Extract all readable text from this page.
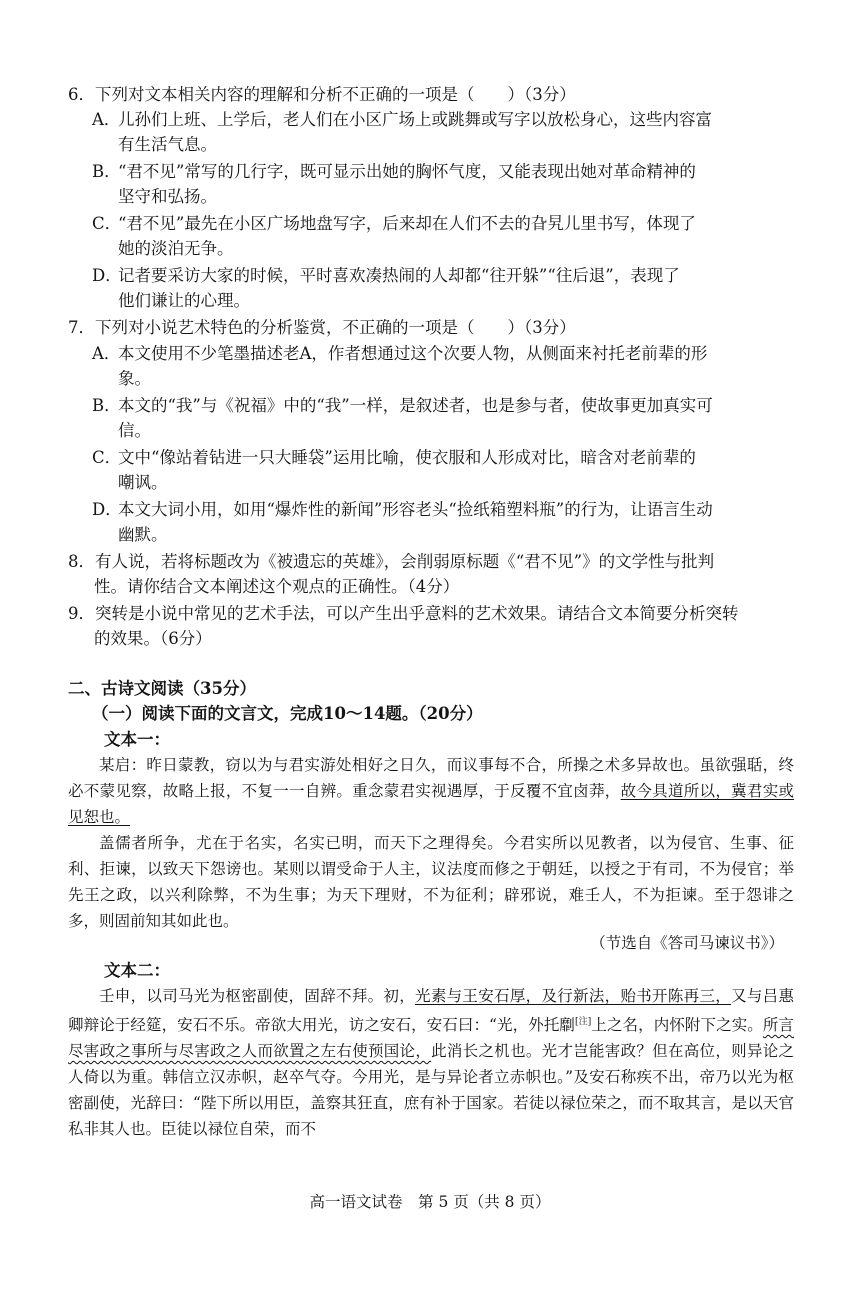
6．下列对文本相关内容的理解和分析不正确的一项是（　　）（3分）
A．儿孙们上班、上学后，老人们在小区广场上或跳舞或写字以放松身心，这些内容富
有生活气息。
B．“君不见”常写的几行字，既可显示出她的胸怀气度，又能表现出她对革命精神的
坚守和弘扬。
C．“君不见”最先在小区广场地盘写字，后来却在人们不去的旮旯儿里书写，体现了
她的淡泊无争。
D．记者要采访大家的时候，平时喜欢凑热闹的人却都“往开躲”“往后退”，表现了
他们谦让的心理。
7．下列对小说艺术特色的分析鉴赏，不正确的一项是（　　）（3分）
A．本文使用不少笔墨描述老A，作者想通过这个次要人物，从侧面来衬托老前辈的形
象。
B．本文的“我”与《祝福》中的“我”一样，是叙述者，也是参与者，使故事更加真实可
信。
C．文中“像站着钻进一只大睡袋”运用比喻，使衣服和人形成对比，暗含对老前辈的
嘲讽。
D．本文大词小用，如用“爆炸性的新闻”形容老头“捡纸箱塑料瓶”的行为，让语言生动
幽默。
8．有人说，若将标题改为《被遗忘的英雄》，会削弱原标题《“君不见”》的文学性与批判
性。请你结合文本阐述这个观点的正确性。（4分）
9．突转是小说中常见的艺术手法，可以产生出乎意料的艺术效果。请结合文本简要分析突转
的效果。（6分）
二、古诗文阅读（35分）
（一）阅读下面的文言文，完成10～14题。（20分）
文本一：
某启：昨日蒙教，窃以为与君实游处相好之日久，而议事每不合，所操之术多异故也。虽欲强聒，终必不蒙见察，故略上报，不复一一自辨。重念蒙君实视遇厚，于反覆不宜卤莽，故今具道所以，冀君实或见恕也。
盖儒者所争，尤在于名实，名实已明，而天下之理得矣。今君实所以见教者，以为侵官、生事、征利、拒谏，以致天下怨谤也。某则以谓受命于人主，议法度而修之于朝廷，以授之于有司，不为侵官；举先王之政，以兴利除弊，不为生事；为天下理财，不为征利；辟邪说，难壬人，不为拒谏。至于怨诽之多，则固前知其如此也。
（节选自《答司马谏议书》）
文本二：
壬申，以司马光为枢密副使，固辞不拜。初，光素与王安石厚，及行新法，贻书开陈再三，又与吕惠卿辩论于经筵，安石不乐。帝欲大用光，访之安石，安石曰：“光，外托劘[注]上之名，内怀附下之实。所言尽害政之事所与尽害政之人而欲置之左右使预国论，此消长之机也。光才岂能害政？但在高位，则异论之人倚以为重。韩信立汉赤帜，赵卒气夺。今用光，是与异论者立赤帜也。”及安石称疾不出，帝乃以光为枢密副使，光辞曰：“陛下所以用臣，盖察其狂直，庶有补于国家。若徒以禄位荣之，而不取其言，是以天官私非其人也。臣徒以禄位自荣，而不
高一语文试卷　第 5 页（共 8 页）
